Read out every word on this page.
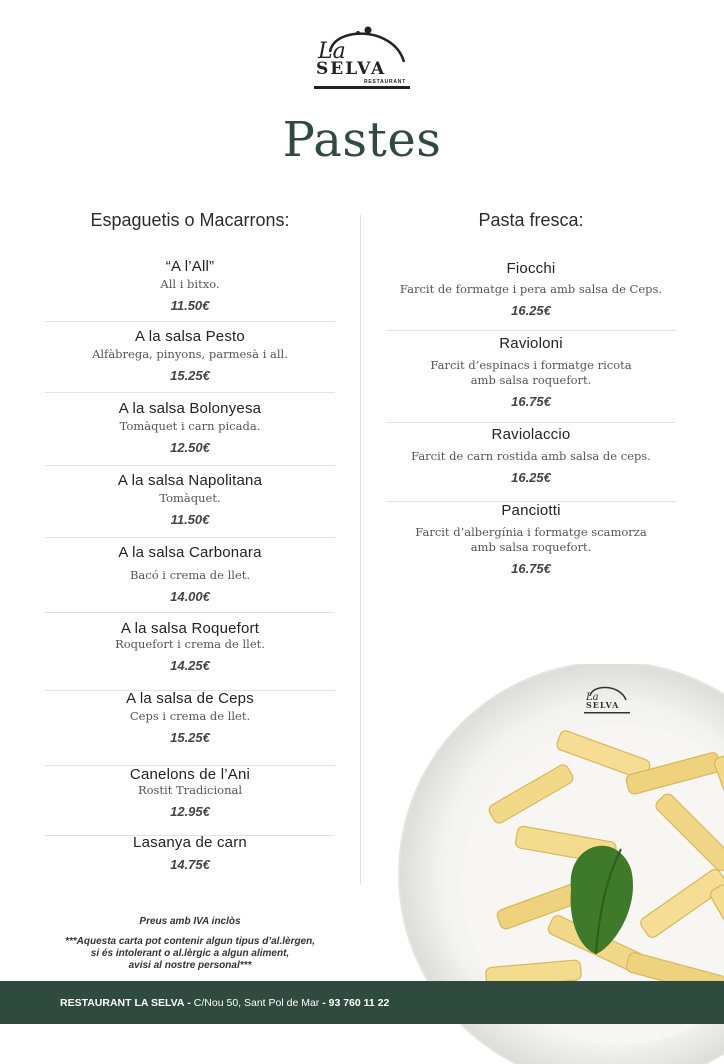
La
SELVA
RESTAURANT
Pastes
Espaguetis o Macarrons:	Pasta fresca:
“A l’All”
All i bitxo.
11.50€
A la salsa Pesto
Alfàbrega, pinyons, parmesà i all.
15.25€
A la salsa Bolonyesa
Tomàquet i carn picada.
12.50€
A la salsa Napolitana
Tomàquet.
11.50€
A la salsa Carbonara
Bacó i crema de llet.
14.00€
A la salsa Roquefort
Roquefort i crema de llet.
14.25€
A la salsa de Ceps
Ceps i crema de llet.
15.25€
Canelons de l’Ani
Rostit Tradicional
12.95€
Lasanya de carn
14.75€
Fiocchi
Farcit de formatge i pera amb salsa de Ceps.
16.25€
Ravioloni
Farcit d’espinacs i formatge ricota
amb salsa roquefort.
16.75€
Raviolaccio
Farcit de carn rostida amb salsa de ceps.
16.25€
Panciotti
Farcit d’albergínia i formatge scamorza
amb salsa roquefort.
16.75€
Preus amb IVA inclòs
***Aquesta carta pot contenir algun tipus d’al.lèrgen,
si és intolerant o al.lèrgic a algun aliment,
avisi al nostre personal***
La
SELVA
RESTAURANT LA SELVA - C/Nou 50, Sant Pol de Mar - 93 760 11 22
